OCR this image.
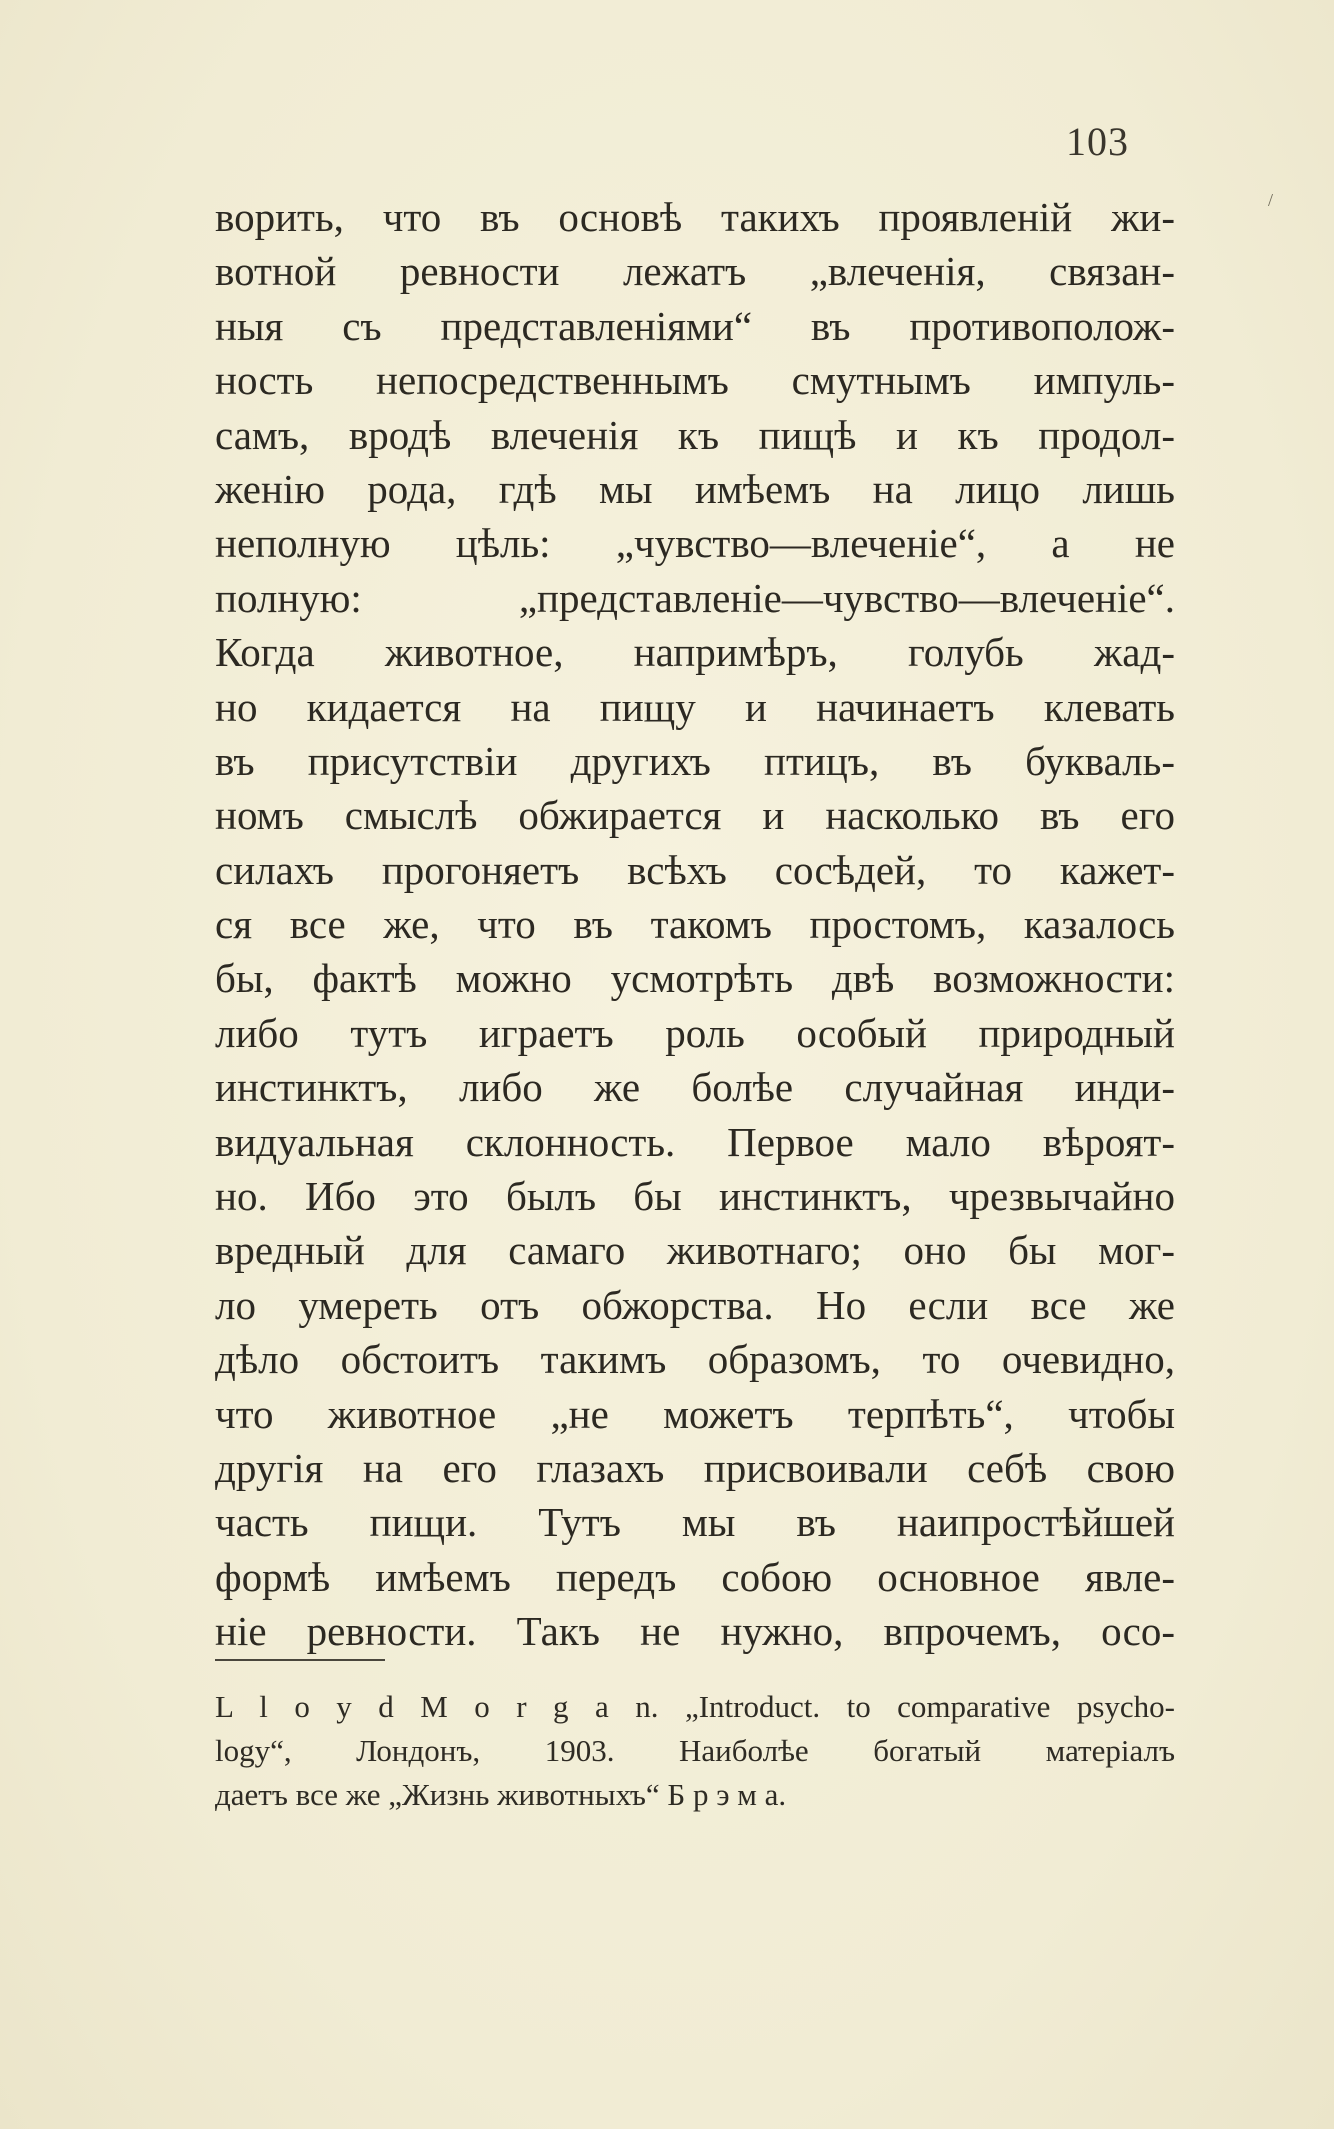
103
/
ворить, что въ основѣ такихъ проявленій жи-
вотной ревности лежатъ „влеченія, связан-
ныя съ представленіями“ въ противополож-
ность непосредственнымъ смутнымъ импуль-
самъ, вродѣ влеченія къ пищѣ и къ продол-
женію рода, гдѣ мы имѣемъ на лицо лишь
неполную цѣль: „чувство—влеченіе“, а не
полную: „представленіе—чувство—влеченіе“.
Когда животное, напримѣръ, голубь жад-
но кидается на пищу и начинаетъ клевать
въ присутствіи другихъ птицъ, въ букваль-
номъ смыслѣ обжирается и насколько въ его
силахъ прогоняетъ всѣхъ сосѣдей, то кажет-
ся все же, что въ такомъ простомъ, казалось
бы, фактѣ можно усмотрѣть двѣ возможности:
либо тутъ играетъ роль особый природный
инстинктъ, либо же болѣе случайная инди-
видуальная склонность. Первое мало вѣроят-
но. Ибо это былъ бы инстинктъ, чрезвычайно
вредный для самаго животнаго; оно бы мог-
ло умереть отъ обжорства. Но если все же
дѣло обстоитъ такимъ образомъ, то очевидно,
что животное „не можетъ терпѣть“, чтобы
другія на его глазахъ присвоивали себѣ свою
часть пищи. Тутъ мы въ наипростѣйшей
формѣ имѣемъ передъ собою основное явле-
ніе ревности. Такъ не нужно, впрочемъ, осо-
L l o y d M o r g a n. „Introduct. to comparative psycho-
logy“, Лондонъ, 1903. Наиболѣе богатый матеріалъ
даетъ все же „Жизнь животныхъ“ Б р э м а.
